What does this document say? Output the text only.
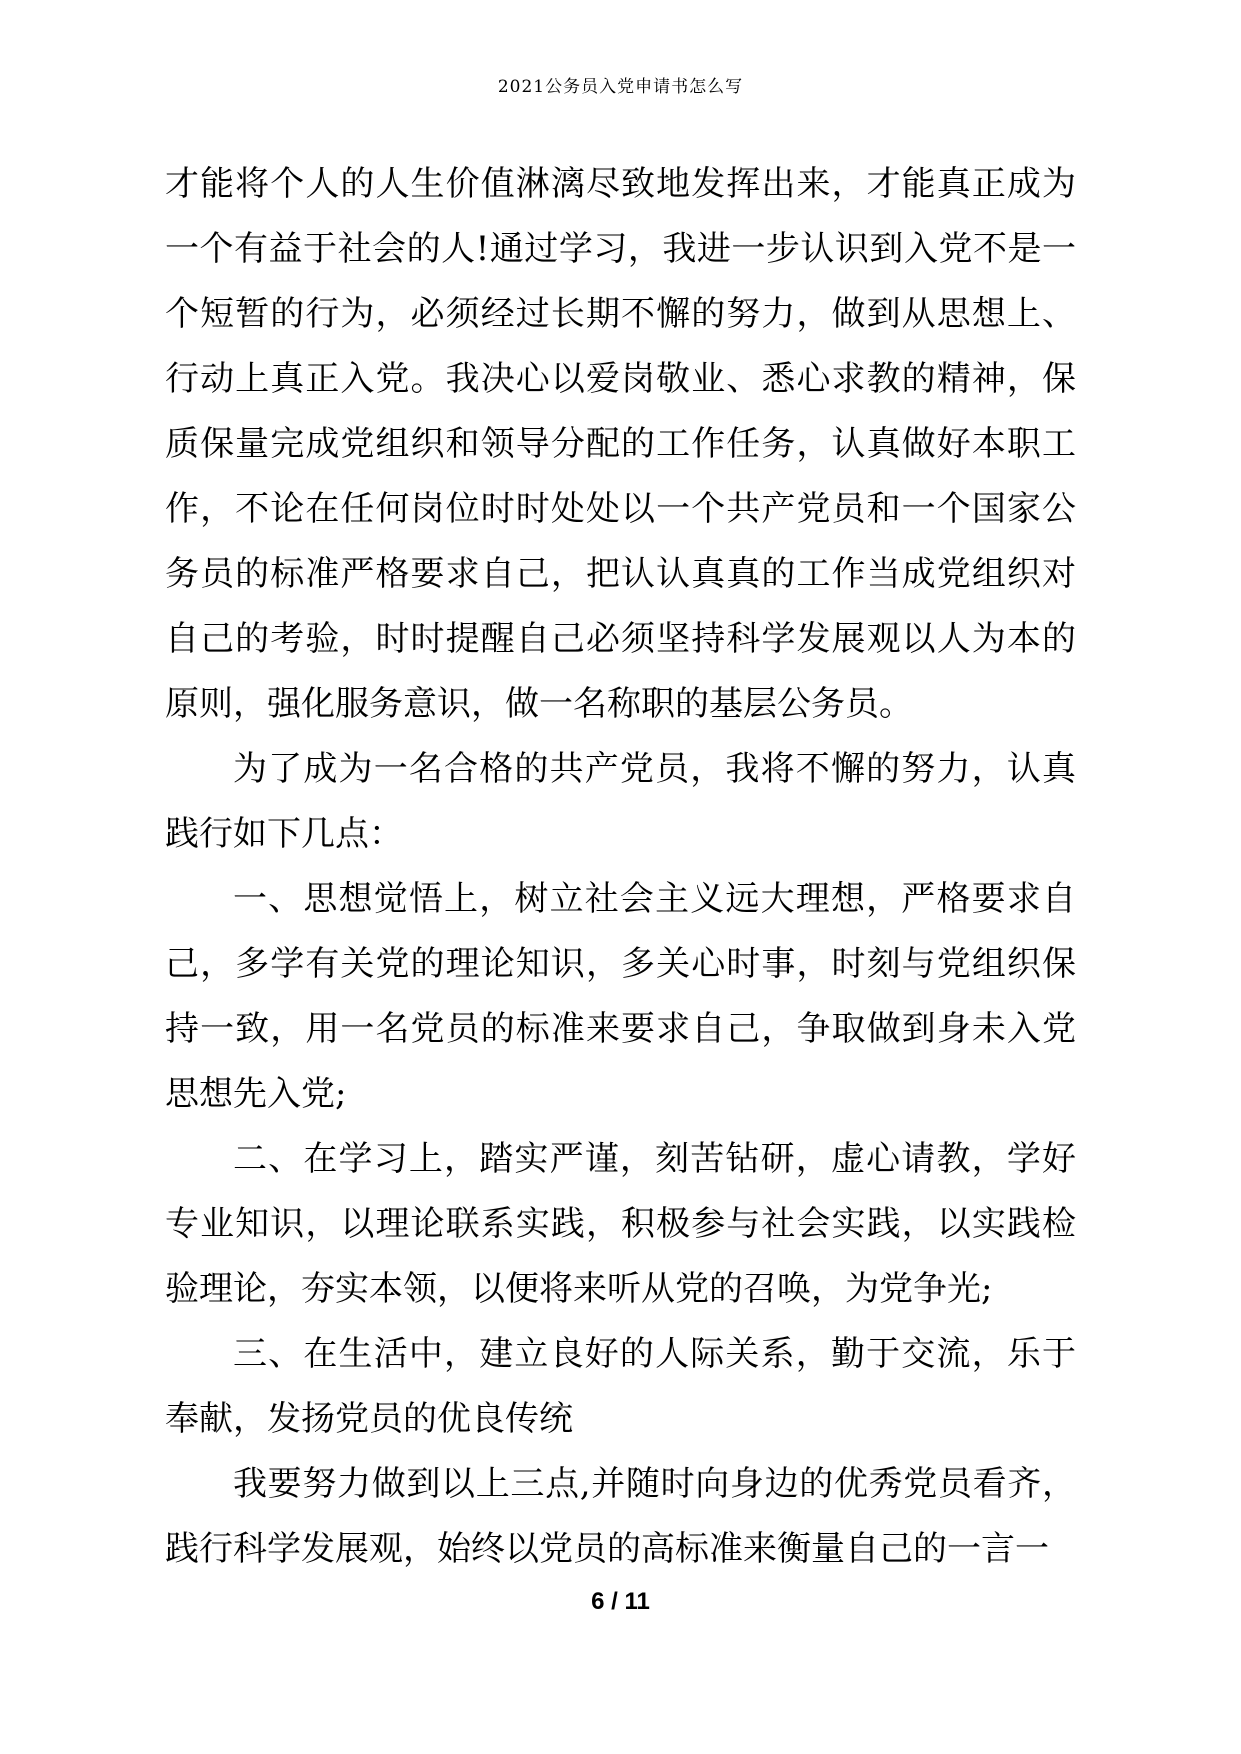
2021公务员入党申请书怎么写

才能将个人的人生价值淋漓尽致地发挥出来，才能真正成为一个有益于社会的人!通过学习，我进一步认识到入党不是一个短暂的行为，必须经过长期不懈的努力，做到从思想上、行动上真正入党。我决心以爱岗敬业、悉心求教的精神，保质保量完成党组织和领导分配的工作任务，认真做好本职工作，不论在任何岗位时时处处以一个共产党员和一个国家公务员的标准严格要求自己，把认认真真的工作当成党组织对自己的考验，时时提醒自己必须坚持科学发展观以人为本的原则，强化服务意识，做一名称职的基层公务员。

为了成为一名合格的共产党员，我将不懈的努力，认真践行如下几点：

一、思想觉悟上，树立社会主义远大理想，严格要求自己，多学有关党的理论知识，多关心时事，时刻与党组织保持一致，用一名党员的标准来要求自己，争取做到身未入党思想先入党;

二、在学习上，踏实严谨，刻苦钻研，虚心请教，学好专业知识，以理论联系实践，积极参与社会实践，以实践检验理论，夯实本领，以便将来听从党的召唤，为党争光;

三、在生活中，建立良好的人际关系，勤于交流，乐于奉献，发扬党员的优良传统

我要努力做到以上三点,并随时向身边的优秀党员看齐，践行科学发展观，始终以党员的高标准来衡量自己的一言一

6 / 11
